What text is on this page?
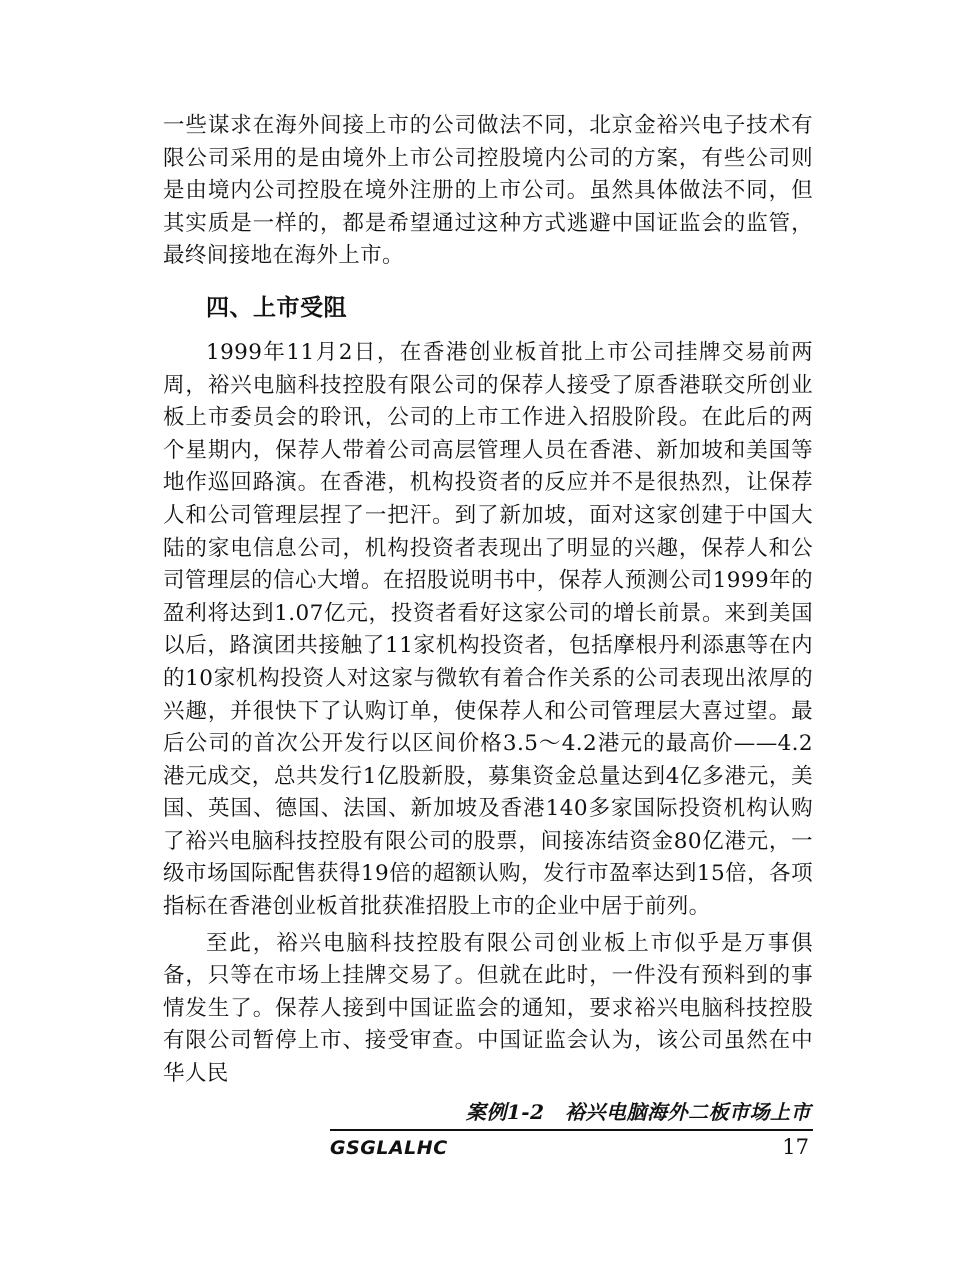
一些谋求在海外间接上市的公司做法不同，北京金裕兴电子技术有限公司采用的是由境外上市公司控股境内公司的方案，有些公司则是由境内公司控股在境外注册的上市公司。虽然具体做法不同，但其实质是一样的，都是希望通过这种方式逃避中国证监会的监管，最终间接地在海外上市。

四、上市受阻

1999年11月2日，在香港创业板首批上市公司挂牌交易前两周，裕兴电脑科技控股有限公司的保荐人接受了原香港联交所创业板上市委员会的聆讯，公司的上市工作进入招股阶段。在此后的两个星期内，保荐人带着公司高层管理人员在香港、新加坡和美国等地作巡回路演。在香港，机构投资者的反应并不是很热烈，让保荐人和公司管理层捏了一把汗。到了新加坡，面对这家创建于中国大陆的家电信息公司，机构投资者表现出了明显的兴趣，保荐人和公司管理层的信心大增。在招股说明书中，保荐人预测公司1999年的盈利将达到1.07亿元，投资者看好这家公司的增长前景。来到美国以后，路演团共接触了11家机构投资者，包括摩根丹利添惠等在内的10家机构投资人对这家与微软有着合作关系的公司表现出浓厚的兴趣，并很快下了认购订单，使保荐人和公司管理层大喜过望。最后公司的首次公开发行以区间价格3.5～4.2港元的最高价——4.2港元成交，总共发行1亿股新股，募集资金总量达到4亿多港元，美国、英国、德国、法国、新加坡及香港140多家国际投资机构认购了裕兴电脑科技控股有限公司的股票，间接冻结资金80亿港元，一级市场国际配售获得19倍的超额认购，发行市盈率达到15倍，各项指标在香港创业板首批获准招股上市的企业中居于前列。

至此，裕兴电脑科技控股有限公司创业板上市似乎是万事俱备，只等在市场上挂牌交易了。但就在此时，一件没有预料到的事情发生了。保荐人接到中国证监会的通知，要求裕兴电脑科技控股有限公司暂停上市、接受审查。中国证监会认为，该公司虽然在中华人民

案例1-2　裕兴电脑海外二板市场上市
GSGLALHC	17
